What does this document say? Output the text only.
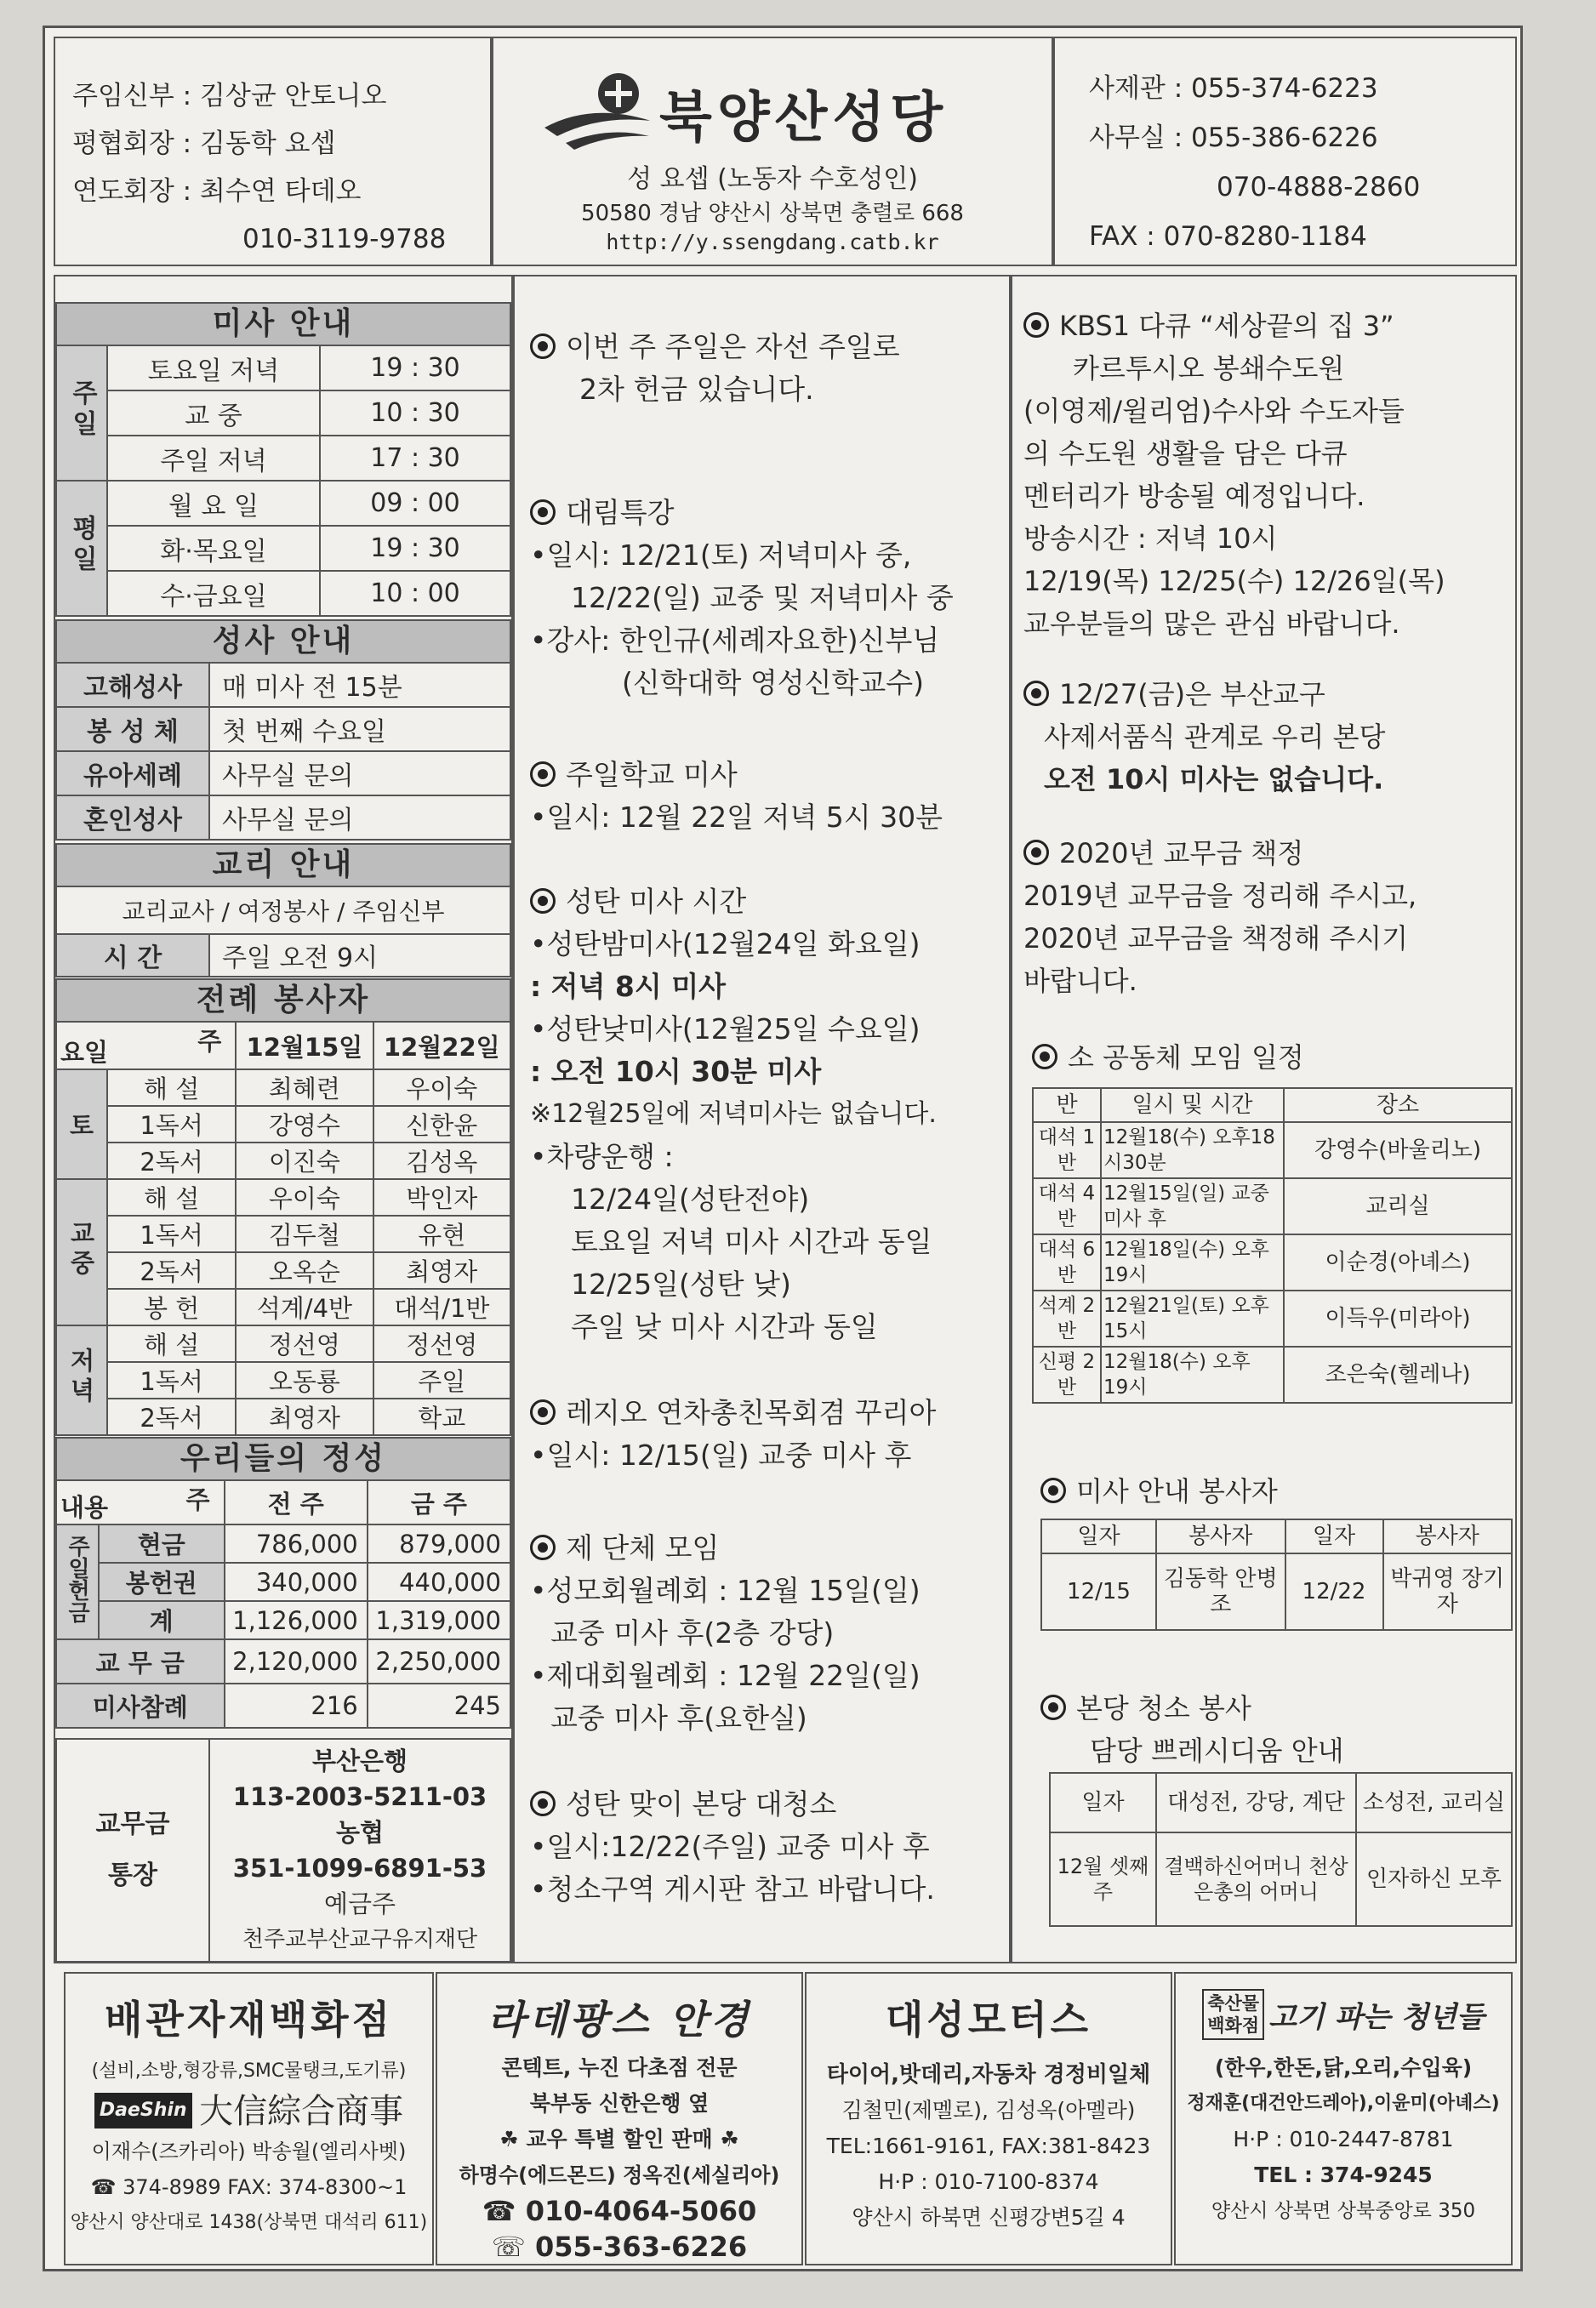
주임신부 : 김상균 안토니오
평협회장 : 김동학 요셉
연도회장 : 최수연 타데오
010-3119-9788
북양산성당
성 요셉 (노동자 수호성인)
50580 경남 양산시 상북면 충렬로 668
http://y.ssengdang.catb.kr
사제관 : 055-374-6223
사무실 : 055-386-6226
070-4888-2860
FAX : 070-8280-1184
미사 안내
주일	토요일 저녁	19 : 30
	교 중	10 : 30
	주일 저녁	17 : 30
평일	월 요 일	09 : 00
	화·목요일	19 : 30
	수·금요일	10 : 00
성사 안내
고해성사	매 미사 전 15분
봉 성 체	첫 번째 수요일
유아세례	사무실 문의
혼인성사	사무실 문의
교리 안내
교리교사 / 여정봉사 / 주임신부
시 간	주일 오전 9시
전례 봉사자
주
요일		12월15일	12월22일
토	해 설	최혜련	우이숙
	1독서	강영수	신한윤
	2독서	이진숙	김성옥
교중	해 설	우이숙	박인자
	1독서	김두철	유현
	2독서	오옥순	최영자
	봉 헌	석계/4반	대석/1반
저녁	해 설	정선영	정선영
	1독서	오동룡	주일
	2독서	최영자	학교
우리들의 정성
주
내용		전 주	금 주
주일헌금	현금	786,000	879,000
	봉헌권	340,000	440,000
	계	1,126,000	1,319,000
교 무 금		2,120,000	2,250,000
미사참례		216	245
교무금
통장

부산은행
113-2003-5211-03
농협
351-1099-6891-53
예금주
천주교부산교구유지재단
이번 주 주일은 자선 주일로
2차 헌금 있습니다.
대림특강
•일시: 12/21(토) 저녁미사 중,
12/22(일) 교중 및 저녁미사 중
•강사: 한인규(세례자요한)신부님
(신학대학 영성신학교수)
주일학교 미사
•일시: 12월 22일 저녁 5시 30분
성탄 미사 시간
•성탄밤미사(12월24일 화요일)
: 저녁 8시 미사
•성탄낮미사(12월25일 수요일)
: 오전 10시 30분 미사
※12월25일에 저녁미사는 없습니다.
•차량운행 :
12/24일(성탄전야)
토요일 저녁 미사 시간과 동일
12/25일(성탄 낮)
주일 낮 미사 시간과 동일
레지오 연차총친목회겸 꾸리아
•일시: 12/15(일) 교중 미사 후
제 단체 모임
•성모회월례회 : 12월 15일(일)
교중 미사 후(2층 강당)
•제대회월례회 : 12월 22일(일)
교중 미사 후(요한실)
성탄 맞이 본당 대청소
•일시:12/22(주일) 교중 미사 후
•청소구역 게시판 참고 바랍니다.
KBS1 다큐 “세상끝의 집 3”
카르투시오 봉쇄수도원
(이영제/윌리엄)수사와 수도자들
의 수도원 생활을 담은 다큐
멘터리가 방송될 예정입니다.
방송시간 : 저녁 10시
12/19(목) 12/25(수) 12/26일(목)
교우분들의 많은 관심 바랍니다.
12/27(금)은 부산교구
사제서품식 관계로 우리 본당
오전 10시 미사는 없습니다.
2020년 교무금 책정
2019년 교무금을 정리해 주시고,
2020년 교무금을 책정해 주시기
바랍니다.
소 공동체 모임 일정
반	일시 및 시간	장소
대석 1반	12월18(수) 오후18시30분	강영수(바울리노)
대석 4반	12월15일(일) 교중미사 후	교리실
대석 6반	12월18일(수) 오후19시	이순경(아녜스)
석계 2반	12월21일(토) 오후 15시	이득우(미라아)
신평 2반	12월18(수) 오후 19시	조은숙(헬레나)
미사 안내 봉사자
일자	봉사자	일자	봉사자
12/15	김동학 안병조	12/22	박귀영 장기자
본당 청소 봉사
담당 쁘레시디움 안내
일자	대성전, 강당, 계단	소성전, 교리실
12월 셋째주	결백하신어머니 천상은총의 어머니	인자하신 모후
배관자재백화점
(설비,소방,형강류,SMC물탱크,도기류)
DaeShin 大信綜合商事
이재수(즈카리아) 박송월(엘리사벳)
☎ 374-8989 FAX: 374-8300~1
양산시 양산대로 1438(상북면 대석리 611)
라데팡스 안경
콘텍트, 누진 다초점 전문
북부동 신한은행 옆
☘ 교우 특별 할인 판매 ☘
하명수(에드몬드) 정옥진(세실리아)
☎ 010-4064-5060
☏ 055-363-6226
대성모터스
타이어,밧데리,자동차 경정비일체
김철민(제멜로), 김성옥(아멜라)
TEL:1661-9161, FAX:381-8423
H·P : 010-7100-8374
양산시 하북면 신평강변5길 4
축산물
백화점 고기 파는 청년들
(한우,한돈,닭,오리,수입육)
정재훈(대건안드레아),이윤미(아녜스)
H·P : 010-2447-8781
TEL : 374-9245
양산시 상북면 상북중앙로 350
